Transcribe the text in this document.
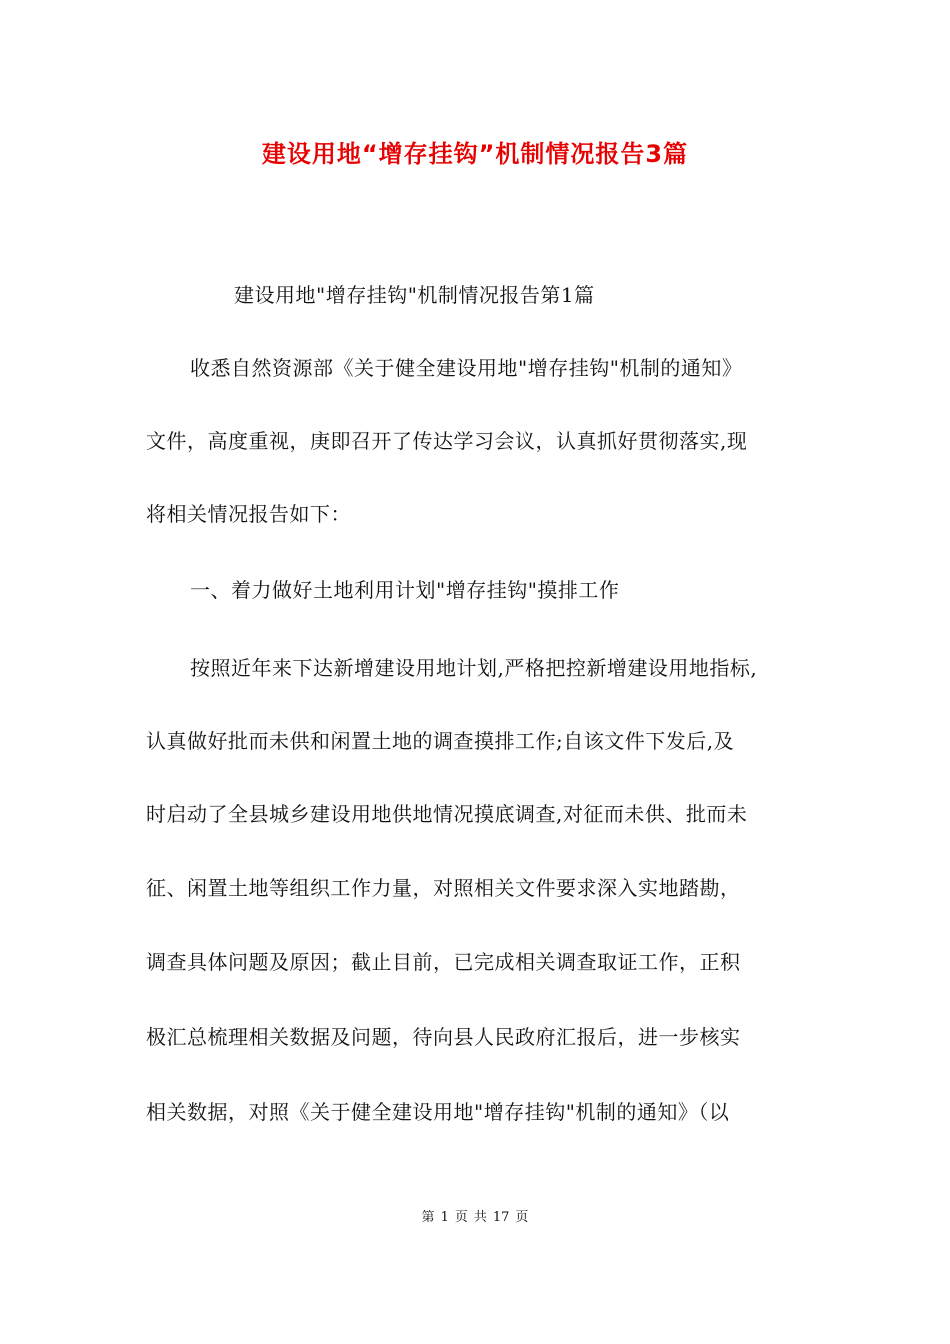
建设用地“增存挂钩”机制情况报告3篇
建设用地"增存挂钩"机制情况报告第1篇
收悉自然资源部《关于健全建设用地"增存挂钩"机制的通知》
文件，高度重视，庚即召开了传达学习会议，认真抓好贯彻落实,现
将相关情况报告如下：
一、着力做好土地利用计划"增存挂钩"摸排工作
按照近年来下达新增建设用地计划,严格把控新增建设用地指标,
认真做好批而未供和闲置土地的调查摸排工作;自该文件下发后,及
时启动了全县城乡建设用地供地情况摸底调查,对征而未供、批而未
征、闲置土地等组织工作力量，对照相关文件要求深入实地踏勘，
调查具体问题及原因；截止目前，已完成相关调查取证工作，正积
极汇总梳理相关数据及问题，待向县人民政府汇报后，进一步核实
相关数据，对照《关于健全建设用地"增存挂钩"机制的通知》（以
第 1 页 共 17 页
